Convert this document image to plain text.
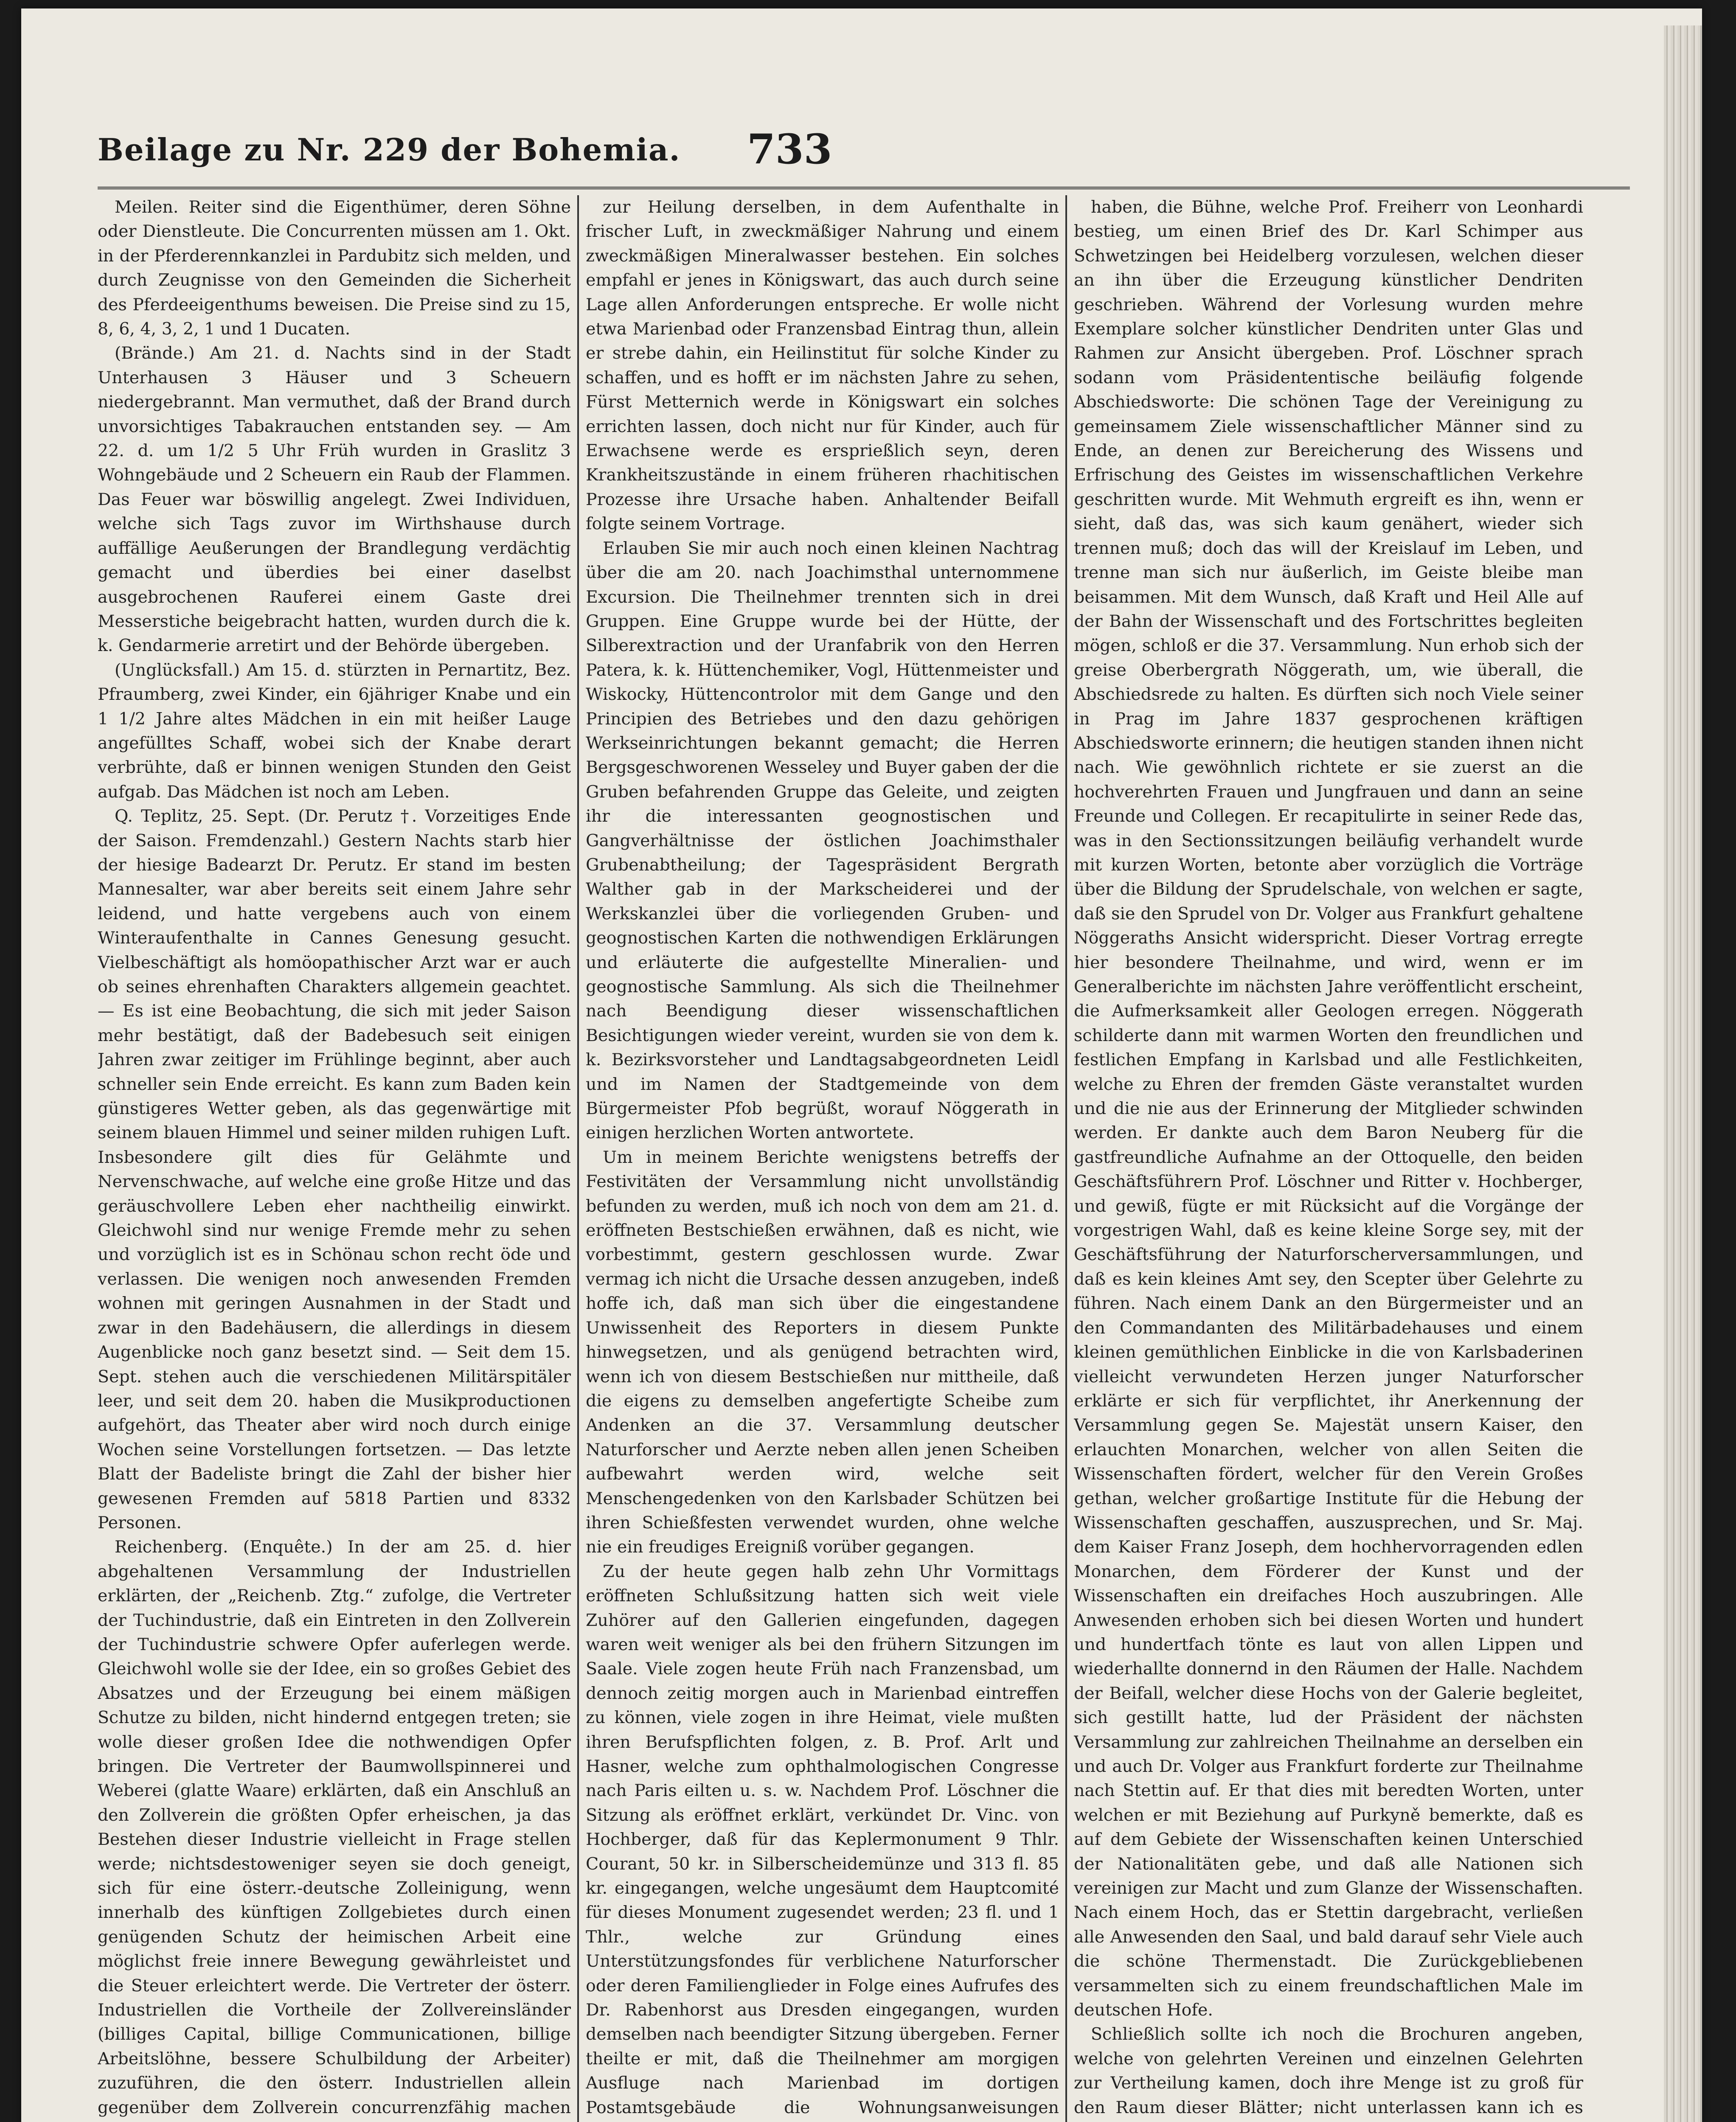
Beilage zu Nr. 229 der Bohemia. 733

Meilen. Reiter sind die Eigenthümer, deren Söhne oder Dienstleute. Die Concurrenten müssen am 1. Okt. in der Pferderennkanzlei in Pardubitz sich melden, und durch Zeugnisse von den Gemeinden die Sicherheit des Pferdeeigenthums beweisen. Die Preise sind zu 15, 8, 6, 4, 3, 2, 1 und 1 Ducaten.

(Brände.) Am 21. d. Nachts sind in der Stadt Unterhausen 3 Häuser und 3 Scheuern niedergebrannt. Man vermuthet, daß der Brand durch unvorsichtiges Tabakrauchen entstanden sey. — Am 22. d. um 1/2 5 Uhr Früh wurden in Graslitz 3 Wohngebäude und 2 Scheuern ein Raub der Flammen. Das Feuer war böswillig angelegt. Zwei Individuen, welche sich Tags zuvor im Wirthshause durch auffällige Aeußerungen der Brandlegung verdächtig gemacht und überdies bei einer daselbst ausgebrochenen Rauferei einem Gaste drei Messerstiche beigebracht hatten, wurden durch die k. k. Gendarmerie arretirt und der Behörde übergeben.

(Unglücksfall.) Am 15. d. stürzten in Pernartitz, Bez. Pfraumberg, zwei Kinder, ein 6jähriger Knabe und ein 1 1/2 Jahre altes Mädchen in ein mit heißer Lauge angefülltes Schaff, wobei sich der Knabe derart verbrühte, daß er binnen wenigen Stunden den Geist aufgab. Das Mädchen ist noch am Leben.

Q. Teplitz, 25. Sept. (Dr. Perutz †. Vorzeitiges Ende der Saison. Fremdenzahl.) Gestern Nachts starb hier der hiesige Badearzt Dr. Perutz. Er stand im besten Mannesalter, war aber bereits seit einem Jahre sehr leidend, und hatte vergebens auch von einem Winteraufenthalte in Cannes Genesung gesucht. Vielbeschäftigt als homöopathischer Arzt war er auch ob seines ehrenhaften Charakters allgemein geachtet. — Es ist eine Beobachtung, die sich mit jeder Saison mehr bestätigt, daß der Badebesuch seit einigen Jahren zwar zeitiger im Frühlinge beginnt, aber auch schneller sein Ende erreicht. Es kann zum Baden kein günstigeres Wetter geben, als das gegenwärtige mit seinem blauen Himmel und seiner milden ruhigen Luft. Insbesondere gilt dies für Gelähmte und Nervenschwache, auf welche eine große Hitze und das geräuschvollere Leben eher nachtheilig einwirkt. Gleichwohl sind nur wenige Fremde mehr zu sehen und vorzüglich ist es in Schönau schon recht öde und verlassen. Die wenigen noch anwesenden Fremden wohnen mit geringen Ausnahmen in der Stadt und zwar in den Badehäusern, die allerdings in diesem Augenblicke noch ganz besetzt sind. — Seit dem 15. Sept. stehen auch die verschiedenen Militärspitäler leer, und seit dem 20. haben die Musikproductionen aufgehört, das Theater aber wird noch durch einige Wochen seine Vorstellungen fortsetzen. — Das letzte Blatt der Badeliste bringt die Zahl der bisher hier gewesenen Fremden auf 5818 Partien und 8332 Personen.

Reichenberg. (Enquête.) In der am 25. d. hier abgehaltenen Versammlung der Industriellen erklärten, der „Reichenb. Ztg.“ zufolge, die Vertreter der Tuchindustrie, daß ein Eintreten in den Zollverein der Tuchindustrie schwere Opfer auferlegen werde. Gleichwohl wolle sie der Idee, ein so großes Gebiet des Absatzes und der Erzeugung bei einem mäßigen Schutze zu bilden, nicht hindernd entgegen treten; sie wolle dieser großen Idee die nothwendigen Opfer bringen. Die Vertreter der Baumwollspinnerei und Weberei (glatte Waare) erklärten, daß ein Anschluß an den Zollverein die größten Opfer erheischen, ja das Bestehen dieser Industrie vielleicht in Frage stellen werde; nichtsdestoweniger seyen sie doch geneigt, sich für eine österr.-deutsche Zolleinigung, wenn innerhalb des künftigen Zollgebietes durch einen genügenden Schutz der heimischen Arbeit eine möglichst freie innere Bewegung gewährleistet und die Steuer erleichtert werde. Die Vertreter der österr. Industriellen die Vortheile der Zollvereinsländer (billiges Capital, billige Communicationen, billige Arbeitslöhne, bessere Schulbildung der Arbeiter) zuzuführen, die den österr. Industriellen allein gegenüber dem Zollverein concurrenzfähig machen

zur Heilung derselben, in dem Aufenthalte in frischer Luft, in zweckmäßiger Nahrung und einem zweckmäßigen Mineralwasser bestehen. Ein solches empfahl er jenes in Königswart, das auch durch seine Lage allen Anforderungen entspreche. Er wolle nicht etwa Marienbad oder Franzensbad Eintrag thun, allein er strebe dahin, ein Heilinstitut für solche Kinder zu schaffen, und es hofft er im nächsten Jahre zu sehen, Fürst Metternich werde in Königswart ein solches errichten lassen, doch nicht nur für Kinder, auch für Erwachsene werde es ersprießlich seyn, deren Krankheitszustände in einem früheren rhachitischen Prozesse ihre Ursache haben. Anhaltender Beifall folgte seinem Vortrage.

Erlauben Sie mir auch noch einen kleinen Nachtrag über die am 20. nach Joachimsthal unternommene Excursion. Die Theilnehmer trennten sich in drei Gruppen. Eine Gruppe wurde bei der Hütte, der Silberextraction und der Uranfabrik von den Herren Patera, k. k. Hüttenchemiker, Vogl, Hüttenmeister und Wiskocky, Hüttencontrolor mit dem Gange und den Principien des Betriebes und den dazu gehörigen Werkseinrichtungen bekannt gemacht; die Herren Bergsgeschworenen Wesseley und Buyer gaben der die Gruben befahrenden Gruppe das Geleite, und zeigten ihr die interessanten geognostischen und Gangverhältnisse der östlichen Joachimsthaler Grubenabtheilung; der Tagespräsident Bergrath Walther gab in der Markscheiderei und der Werkskanzlei über die vorliegenden Gruben- und geognostischen Karten die nothwendigen Erklärungen und erläuterte die aufgestellte Mineralien- und geognostische Sammlung. Als sich die Theilnehmer nach Beendigung dieser wissenschaftlichen Besichtigungen wieder vereint, wurden sie von dem k. k. Bezirksvorsteher und Landtagsabgeordneten Leidl und im Namen der Stadtgemeinde von dem Bürgermeister Pfob begrüßt, worauf Nöggerath in einigen herzlichen Worten antwortete.

Um in meinem Berichte wenigstens betreffs der Festivitäten der Versammlung nicht unvollständig befunden zu werden, muß ich noch von dem am 21. d. eröffneten Bestschießen erwähnen, daß es nicht, wie vorbestimmt, gestern geschlossen wurde. Zwar vermag ich nicht die Ursache dessen anzugeben, indeß hoffe ich, daß man sich über die eingestandene Unwissenheit des Reporters in diesem Punkte hinwegsetzen, und als genügend betrachten wird, wenn ich von diesem Bestschießen nur mittheile, daß die eigens zu demselben angefertigte Scheibe zum Andenken an die 37. Versammlung deutscher Naturforscher und Aerzte neben allen jenen Scheiben aufbewahrt werden wird, welche seit Menschengedenken von den Karlsbader Schützen bei ihren Schießfesten verwendet wurden, ohne welche nie ein freudiges Ereigniß vorüber gegangen.

Zu der heute gegen halb zehn Uhr Vormittags eröffneten Schlußsitzung hatten sich weit viele Zuhörer auf den Gallerien eingefunden, dagegen waren weit weniger als bei den frühern Sitzungen im Saale. Viele zogen heute Früh nach Franzensbad, um dennoch zeitig morgen auch in Marienbad eintreffen zu können, viele zogen in ihre Heimat, viele mußten ihren Berufspflichten folgen, z. B. Prof. Arlt und Hasner, welche zum ophthalmologischen Congresse nach Paris eilten u. s. w. Nachdem Prof. Löschner die Sitzung als eröffnet erklärt, verkündet Dr. Vinc. von Hochberger, daß für das Keplermonument 9 Thlr. Courant, 50 kr. in Silberscheidemünze und 313 fl. 85 kr. eingegangen, welche ungesäumt dem Hauptcomité für dieses Monument zugesendet werden; 23 fl. und 1 Thlr., welche zur Gründung eines Unterstützungsfondes für verblichene Naturforscher oder deren Familienglieder in Folge eines Aufrufes des Dr. Rabenhorst aus Dresden eingegangen, wurden demselben nach beendigter Sitzung übergeben. Ferner theilte er mit, daß die Theilnehmer am morgigen Ausfluge nach Marienbad im dortigen Postamtsgebäude die Wohnungsanweisungen

haben, die Bühne, welche Prof. Freiherr von Leonhardi bestieg, um einen Brief des Dr. Karl Schimper aus Schwetzingen bei Heidelberg vorzulesen, welchen dieser an ihn über die Erzeugung künstlicher Dendriten geschrieben. Während der Vorlesung wurden mehre Exemplare solcher künstlicher Dendriten unter Glas und Rahmen zur Ansicht übergeben. Prof. Löschner sprach sodann vom Präsidententische beiläufig folgende Abschiedsworte: Die schönen Tage der Vereinigung zu gemeinsamem Ziele wissenschaftlicher Männer sind zu Ende, an denen zur Bereicherung des Wissens und Erfrischung des Geistes im wissenschaftlichen Verkehre geschritten wurde. Mit Wehmuth ergreift es ihn, wenn er sieht, daß das, was sich kaum genähert, wieder sich trennen muß; doch das will der Kreislauf im Leben, und trenne man sich nur äußerlich, im Geiste bleibe man beisammen. Mit dem Wunsch, daß Kraft und Heil Alle auf der Bahn der Wissenschaft und des Fortschrittes begleiten mögen, schloß er die 37. Versammlung. Nun erhob sich der greise Oberbergrath Nöggerath, um, wie überall, die Abschiedsrede zu halten. Es dürften sich noch Viele seiner in Prag im Jahre 1837 gesprochenen kräftigen Abschiedsworte erinnern; die heutigen standen ihnen nicht nach. Wie gewöhnlich richtete er sie zuerst an die hochverehrten Frauen und Jungfrauen und dann an seine Freunde und Collegen. Er recapitulirte in seiner Rede das, was in den Sectionssitzungen beiläufig verhandelt wurde mit kurzen Worten, betonte aber vorzüglich die Vorträge über die Bildung der Sprudelschale, von welchen er sagte, daß sie den Sprudel von Dr. Volger aus Frankfurt gehaltene Nöggeraths Ansicht widerspricht. Dieser Vortrag erregte hier besondere Theilnahme, und wird, wenn er im Generalberichte im nächsten Jahre veröffentlicht erscheint, die Aufmerksamkeit aller Geologen erregen. Nöggerath schilderte dann mit warmen Worten den freundlichen und festlichen Empfang in Karlsbad und alle Festlichkeiten, welche zu Ehren der fremden Gäste veranstaltet wurden und die nie aus der Erinnerung der Mitglieder schwinden werden. Er dankte auch dem Baron Neuberg für die gastfreundliche Aufnahme an der Ottoquelle, den beiden Geschäftsführern Prof. Löschner und Ritter v. Hochberger, und gewiß, fügte er mit Rücksicht auf die Vorgänge der vorgestrigen Wahl, daß es keine kleine Sorge sey, mit der Geschäftsführung der Naturforscherversammlungen, und daß es kein kleines Amt sey, den Scepter über Gelehrte zu führen. Nach einem Dank an den Bürgermeister und an den Commandanten des Militärbadehauses und einem kleinen gemüthlichen Einblicke in die von Karlsbaderinen vielleicht verwundeten Herzen junger Naturforscher erklärte er sich für verpflichtet, ihr Anerkennung der Versammlung gegen Se. Majestät unsern Kaiser, den erlauchten Monarchen, welcher von allen Seiten die Wissenschaften fördert, welcher für den Verein Großes gethan, welcher großartige Institute für die Hebung der Wissenschaften geschaffen, auszusprechen, und Sr. Maj. dem Kaiser Franz Joseph, dem hochhervorragenden edlen Monarchen, dem Förderer der Kunst und der Wissenschaften ein dreifaches Hoch auszubringen. Alle Anwesenden erhoben sich bei diesen Worten und hundert und hundertfach tönte es laut von allen Lippen und wiederhallte donnernd in den Räumen der Halle. Nachdem der Beifall, welcher diese Hochs von der Galerie begleitet, sich gestillt hatte, lud der Präsident der nächsten Versammlung zur zahlreichen Theilnahme an derselben ein und auch Dr. Volger aus Frankfurt forderte zur Theilnahme nach Stettin auf. Er that dies mit beredten Worten, unter welchen er mit Beziehung auf Purkyně bemerkte, daß es auf dem Gebiete der Wissenschaften keinen Unterschied der Nationalitäten gebe, und daß alle Nationen sich vereinigen zur Macht und zum Glanze der Wissenschaften. Nach einem Hoch, das er Stettin dargebracht, verließen alle Anwesenden den Saal, und bald darauf sehr Viele auch die schöne Thermenstadt. Die Zurückgebliebenen versammelten sich zu einem freundschaftlichen Male im deutschen Hofe.

Schließlich sollte ich noch die Brochuren angeben, welche von gelehrten Vereinen und einzelnen Gelehrten zur Vertheilung kamen, doch ihre Menge ist zu groß für den Raum dieser Blätter; nicht unterlassen kann ich es
